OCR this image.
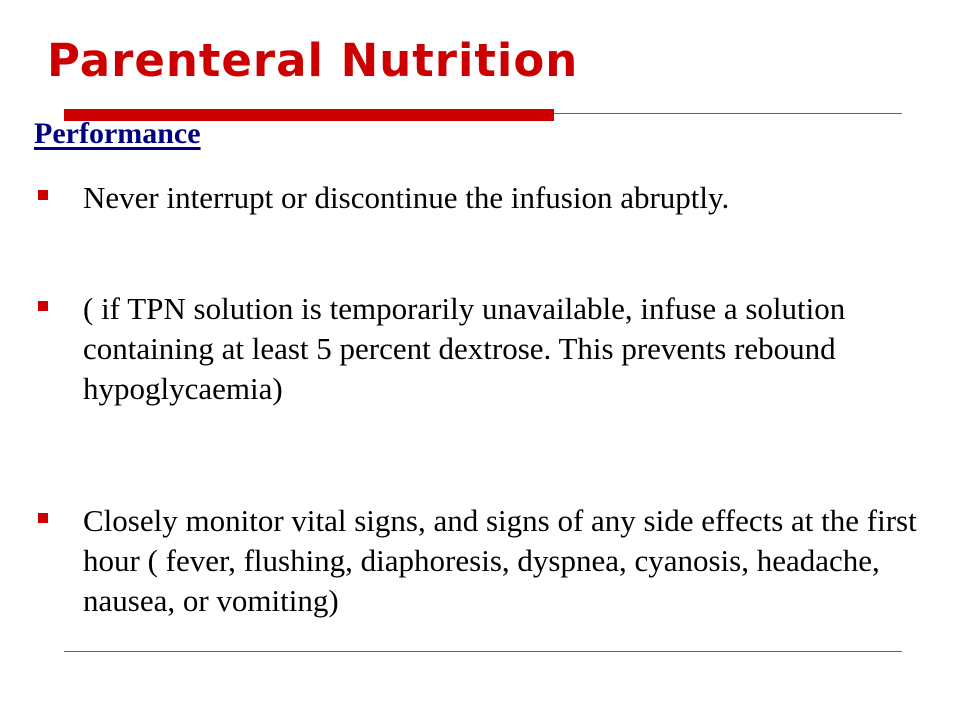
Parenteral Nutrition
Performance
Never interrupt or discontinue the infusion abruptly.
( if TPN solution is temporarily unavailable, infuse a solution containing at least 5 percent dextrose. This prevents rebound hypoglycaemia)
Closely monitor vital signs, and signs of any side effects at the first hour ( fever, flushing, diaphoresis, dyspnea, cyanosis, headache, nausea, or vomiting)
